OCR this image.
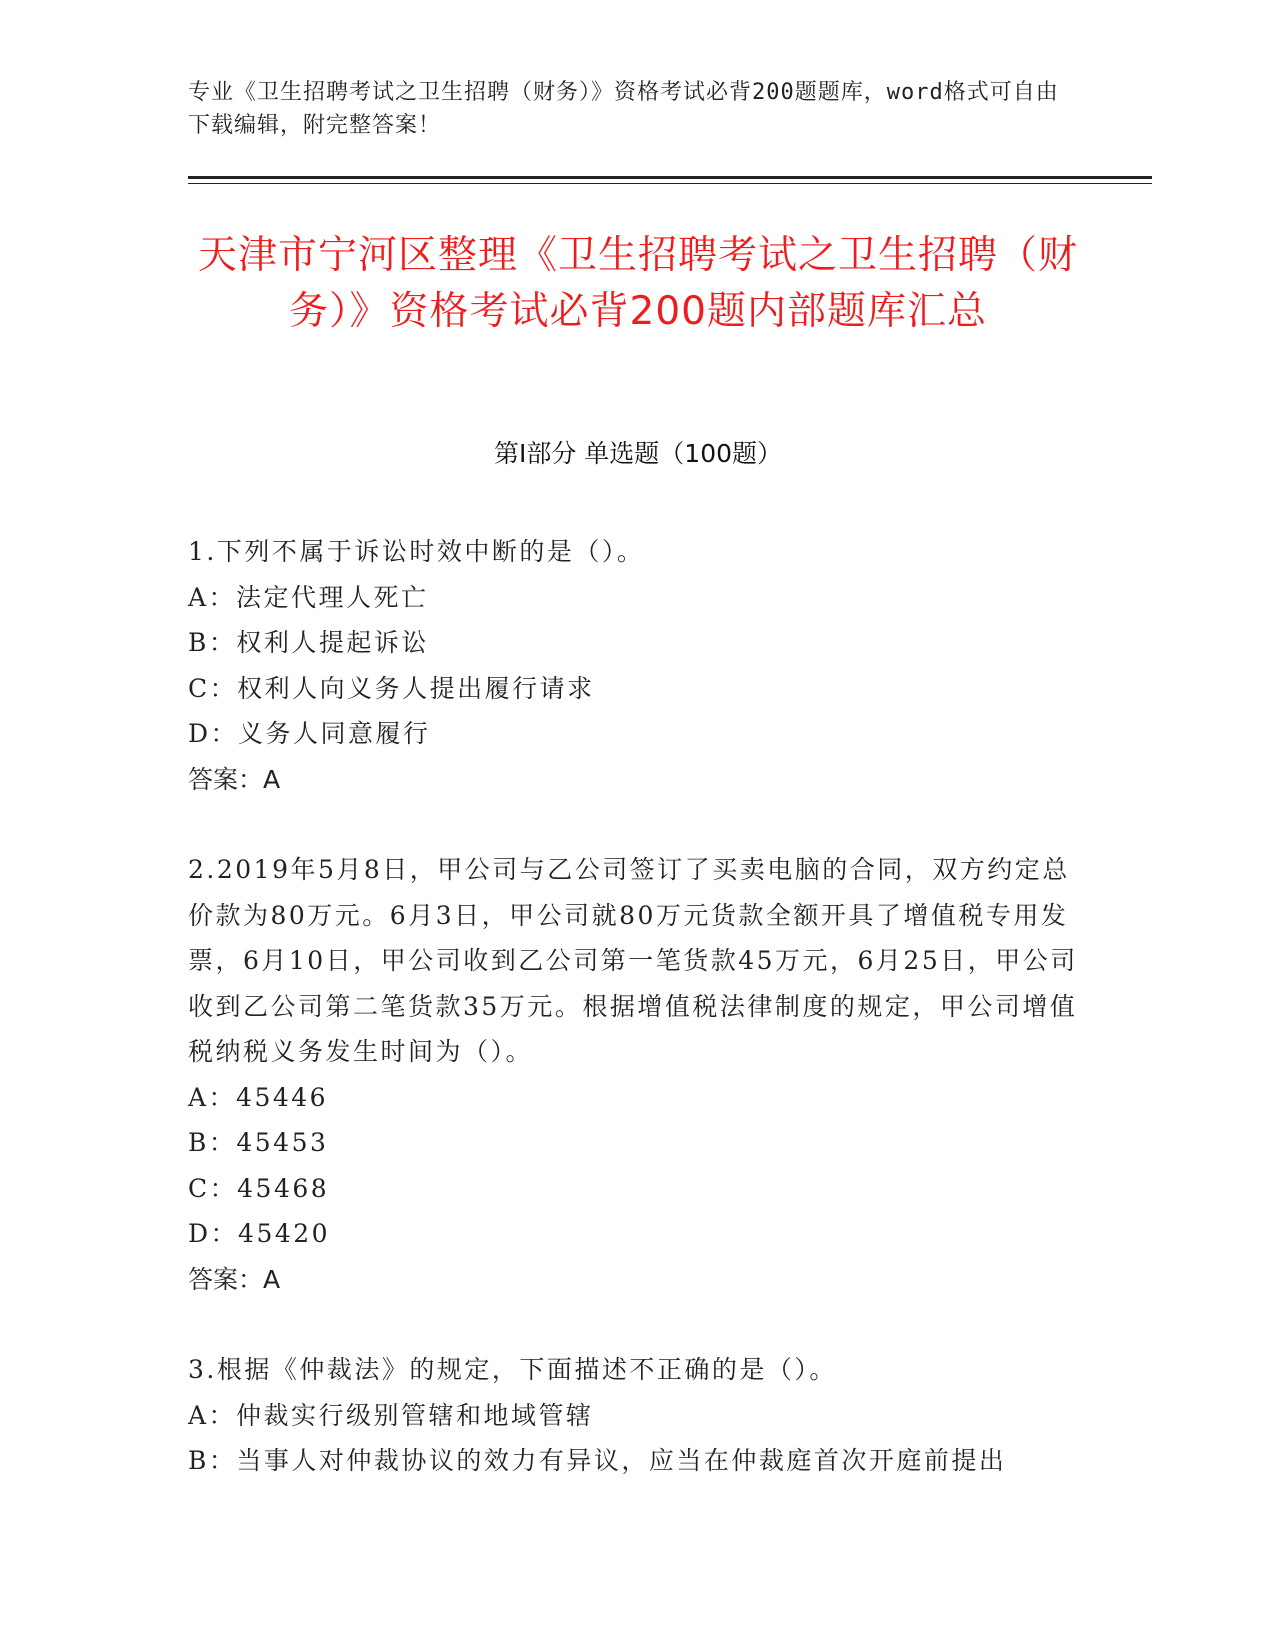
专业《卫生招聘考试之卫生招聘（财务）》资格考试必背200题题库，word格式可自由下载编辑，附完整答案！
天津市宁河区整理《卫生招聘考试之卫生招聘（财务）》资格考试必背200题内部题库汇总
第I部分 单选题（100题）
1.下列不属于诉讼时效中断的是（）。
A：法定代理人死亡
B：权利人提起诉讼
C：权利人向义务人提出履行请求
D：义务人同意履行
答案：A
2.2019年5月8日，甲公司与乙公司签订了买卖电脑的合同，双方约定总价款为80万元。6月3日，甲公司就80万元货款全额开具了增值税专用发票，6月10日，甲公司收到乙公司第一笔货款45万元，6月25日，甲公司收到乙公司第二笔货款35万元。根据增值税法律制度的规定，甲公司增值税纳税义务发生时间为（）。
A：45446
B：45453
C：45468
D：45420
答案：A
3.根据《仲裁法》的规定，下面描述不正确的是（）。
A：仲裁实行级别管辖和地域管辖
B：当事人对仲裁协议的效力有异议，应当在仲裁庭首次开庭前提出
